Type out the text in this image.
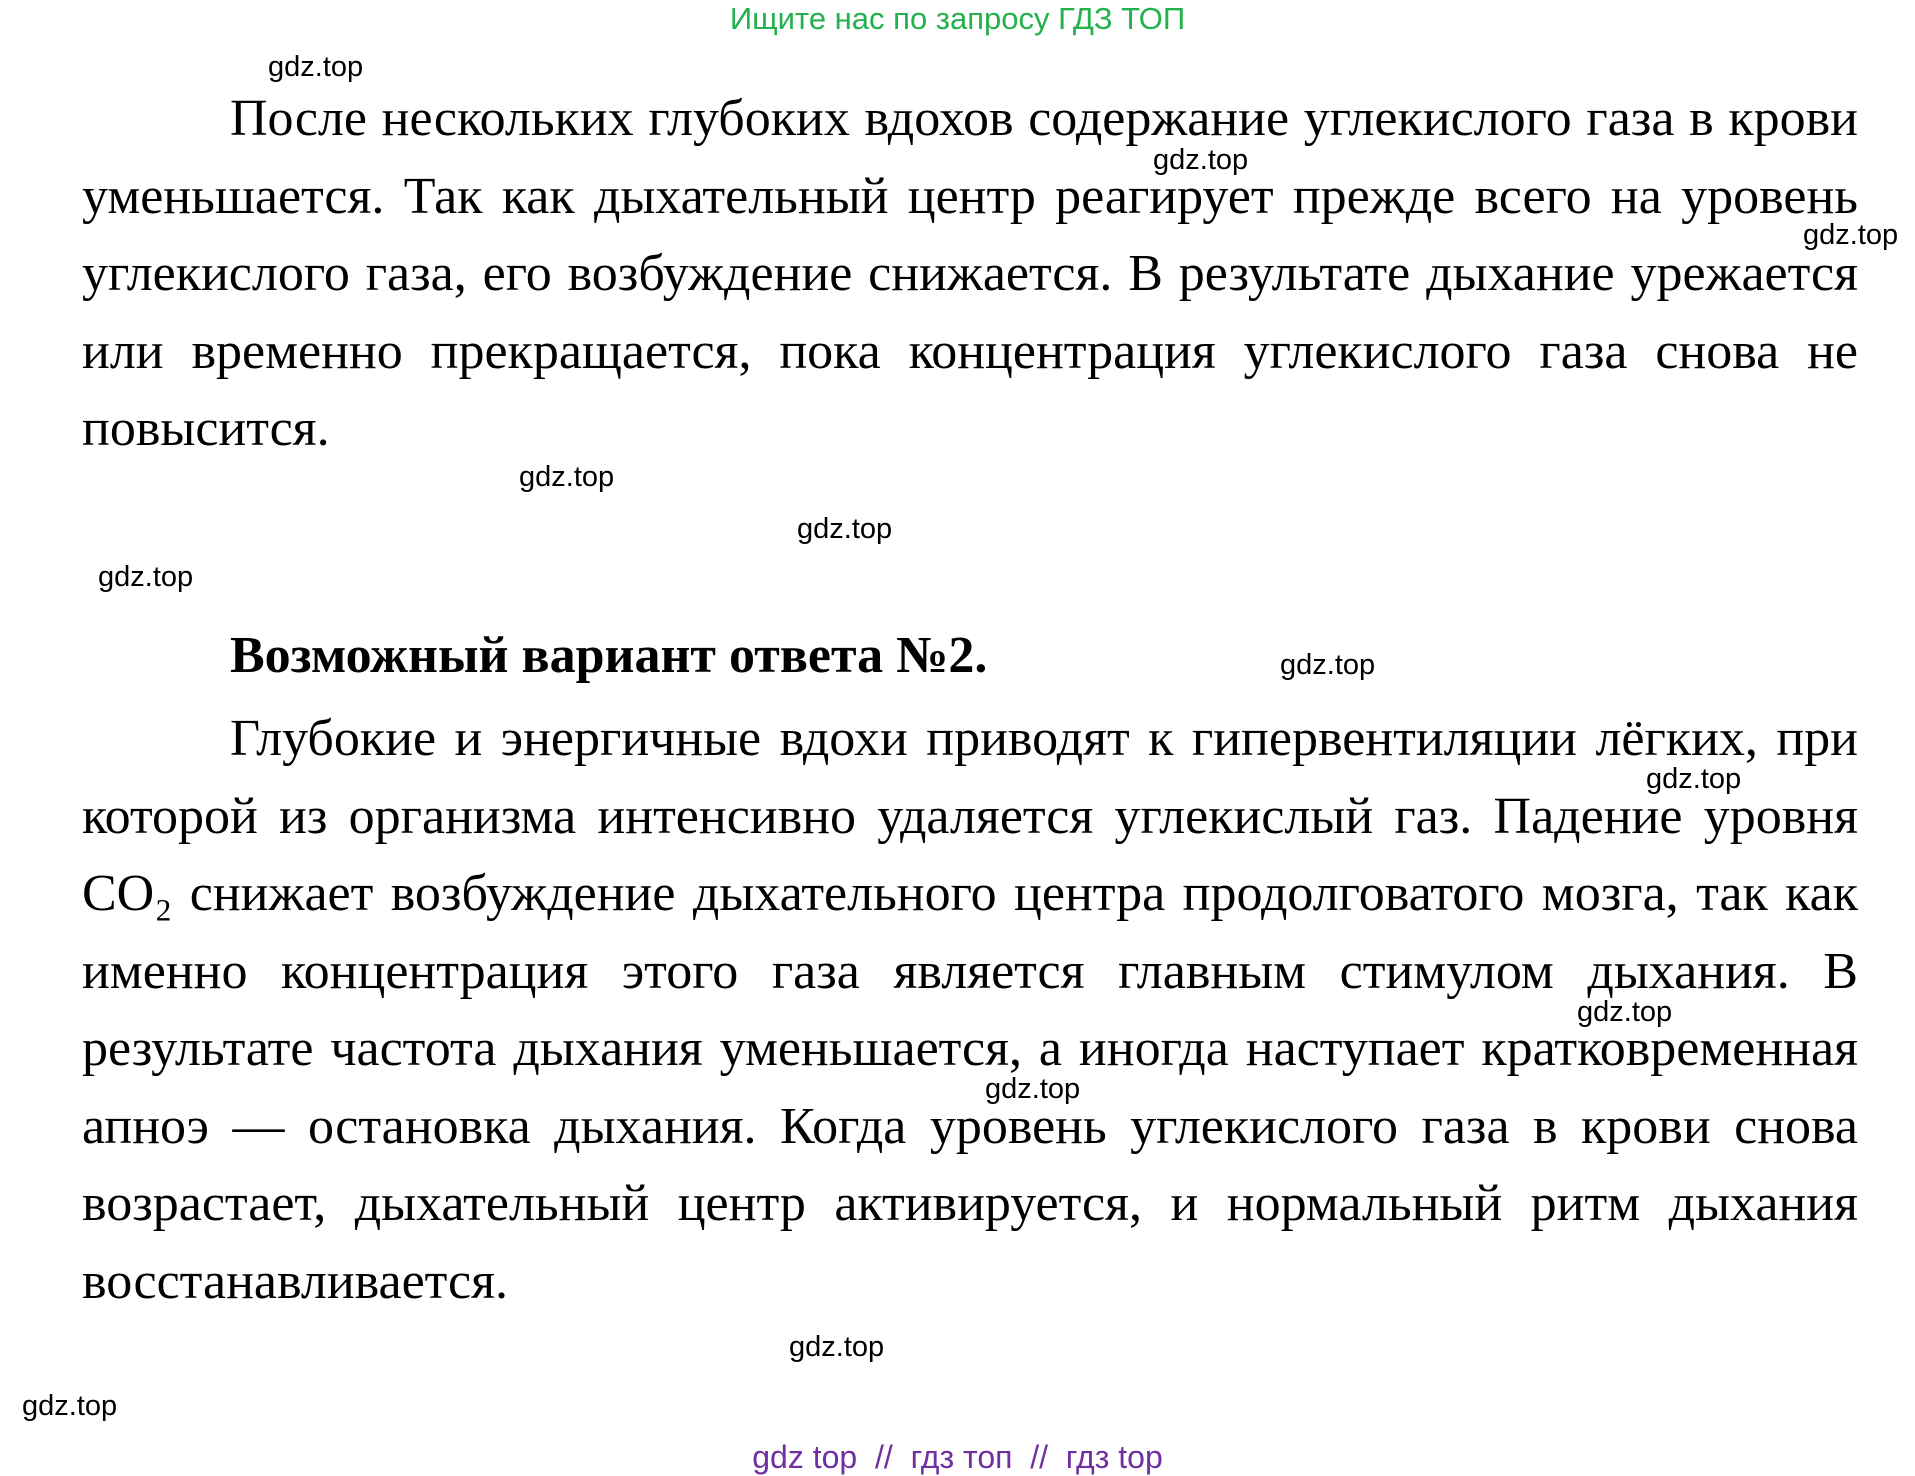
Ищите нас по запросу ГДЗ ТОП

После нескольких глубоких вдохов содержание углекислого газа в крови уменьшается. Так как дыхательный центр реагирует прежде всего на уровень углекислого газа, его возбуждение снижается. В результате дыхание урежается или временно прекращается, пока концентрация углекислого газа снова не повысится.

Возможный вариант ответа №2.

Глубокие и энергичные вдохи приводят к гипервентиляции лёгких, при которой из организма интенсивно удаляется углекислый газ. Падение уровня CO₂ снижает возбуждение дыхательного центра продолговатого мозга, так как именно концентрация этого газа является главным стимулом дыхания. В результате частота дыхания уменьшается, а иногда наступает кратковременная апноэ — остановка дыхания. Когда уровень углекислого газа в крови снова возрастает, дыхательный центр активируется, и нормальный ритм дыхания восстанавливается.

gdz.top
gdz.top
gdz.top
gdz.top
gdz.top
gdz.top
gdz.top
gdz.top
gdz.top
gdz.top
gdz.top
gdz.top
gdz top  //  гдз топ  //  гдз top
